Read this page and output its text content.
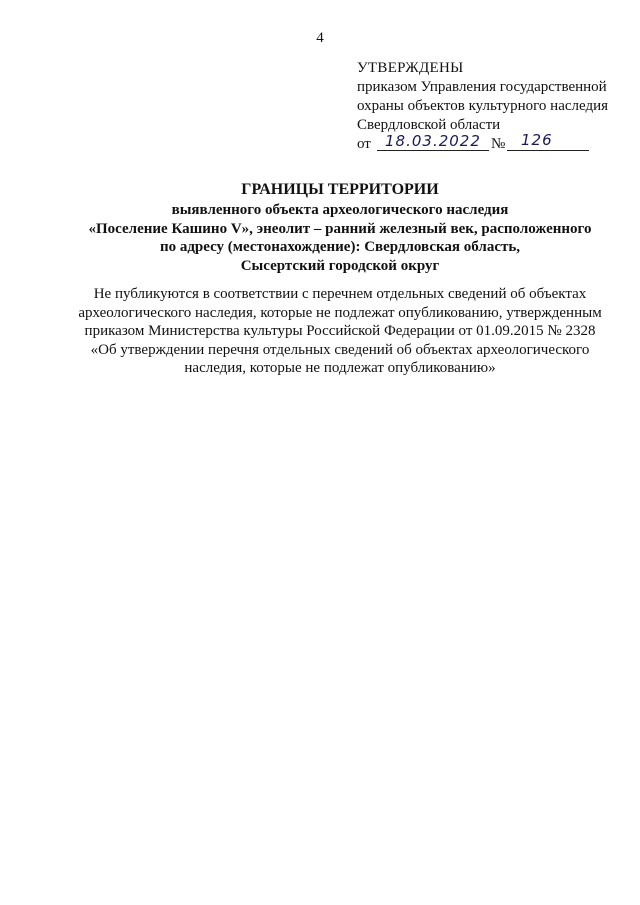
4
УТВЕРЖДЕНЫ
приказом Управления государственной
охраны объектов культурного наследия
Свердловской области
от 18.03.2022 № 126
ГРАНИЦЫ ТЕРРИТОРИИ
выявленного объекта археологического наследия
«Поселение Кашино V», энеолит – ранний железный век, расположенного
по адресу (местонахождение): Свердловская область,
Сысертский городской округ
Не публикуются в соответствии с перечнем отдельных сведений об объектах
археологического наследия, которые не подлежат опубликованию, утвержденным
приказом Министерства культуры Российской Федерации от 01.09.2015 № 2328
«Об утверждении перечня отдельных сведений об объектах археологического
наследия, которые не подлежат опубликованию»
